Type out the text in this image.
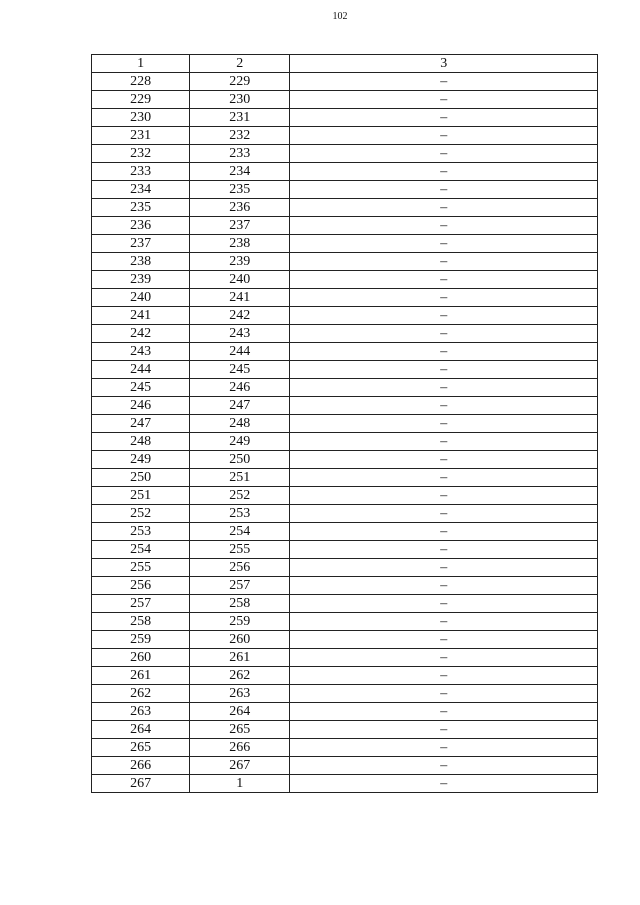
102
1	2	3
228	229	–
229	230	–
230	231	–
231	232	–
232	233	–
233	234	–
234	235	–
235	236	–
236	237	–
237	238	–
238	239	–
239	240	–
240	241	–
241	242	–
242	243	–
243	244	–
244	245	–
245	246	–
246	247	–
247	248	–
248	249	–
249	250	–
250	251	–
251	252	–
252	253	–
253	254	–
254	255	–
255	256	–
256	257	–
257	258	–
258	259	–
259	260	–
260	261	–
261	262	–
262	263	–
263	264	–
264	265	–
265	266	–
266	267	–
267	1	–
